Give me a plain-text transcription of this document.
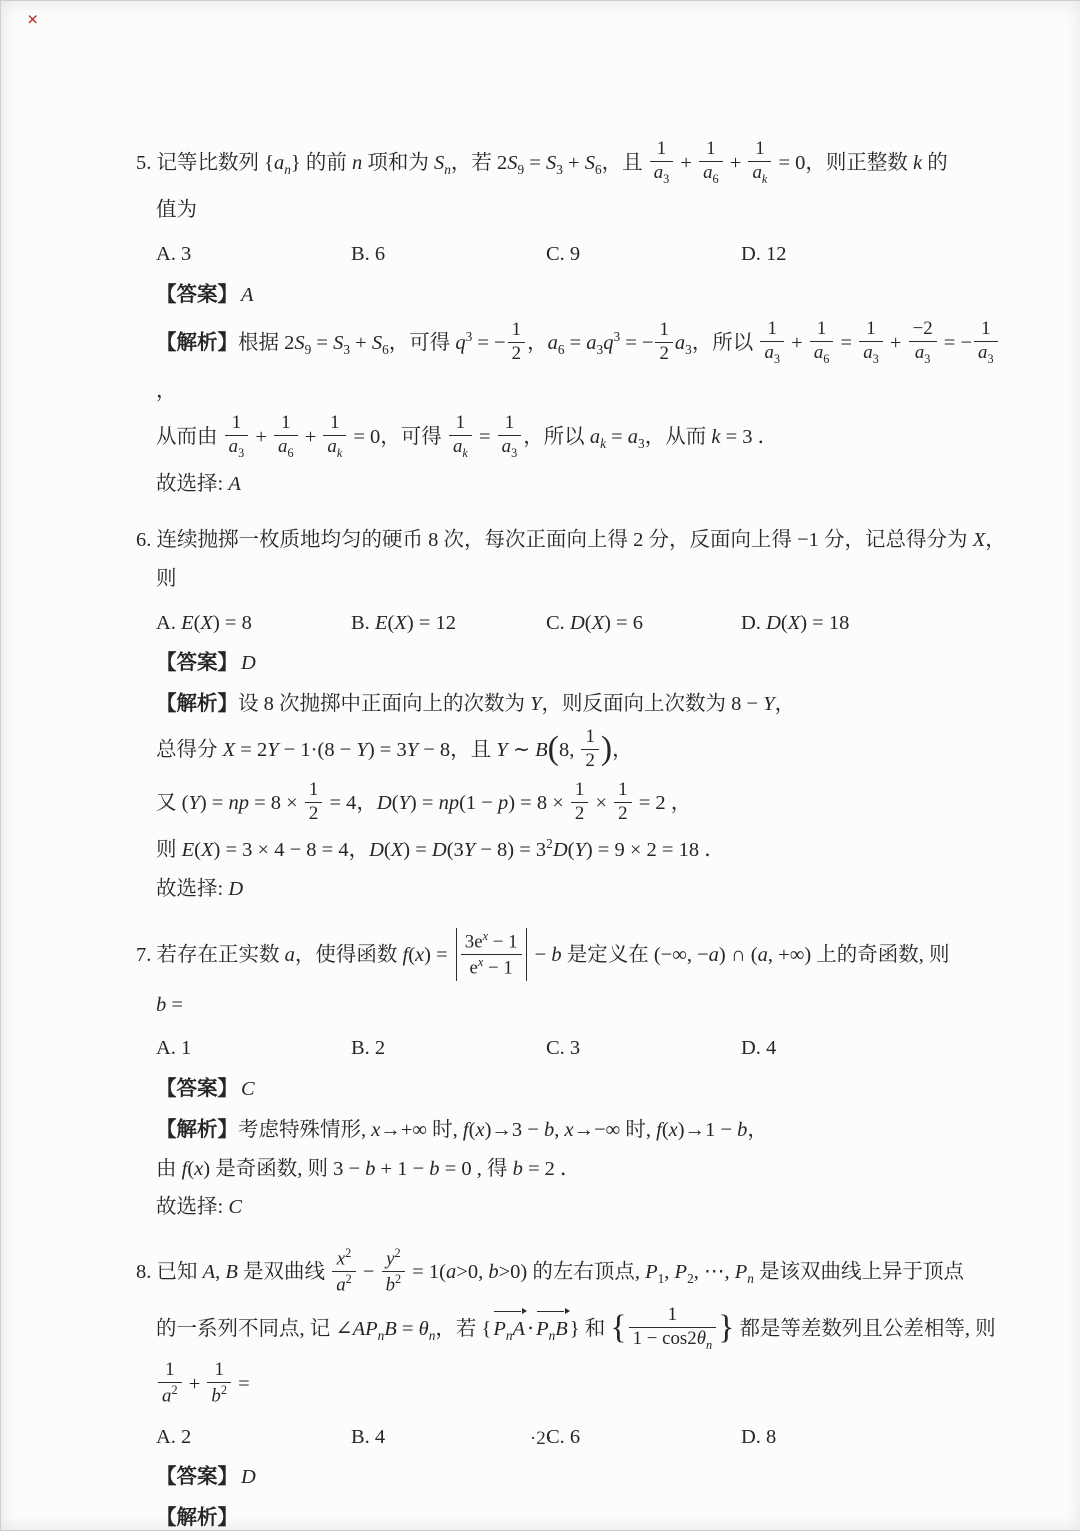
×
5. 记等比数列 $\{a_n\}$ 的前 n 项和为 $S_n$，若 $2S_9 = S_3 + S_6$，且 $\frac{1}{a_3} + \frac{1}{a_6} + \frac{1}{a_k} = 0$，则正整数 k 的
值为
A. 3	B. 6	C. 9	D. 12
【答案】 A
【解析】根据 $2S_9 = S_3 + S_6$，可得 $q^3$ = − $\frac{1}{2}$ ，$a_6 = a_3q^3$ = − $\frac{1}{2} a_3$，所以 $\frac{1}{a_3} + \frac{1}{a_6} = \frac{1}{a_3} + \frac{-2}{a_3}$ = − $\frac{1}{a_3}$
，
从而由 $\frac{1}{a_3} + \frac{1}{a_6} + \frac{1}{a_k} = 0$，可得 $\frac{1}{a_k} = \frac{1}{a_3}$ ，所以 $a_k = a_3$，从而 k = 3 ．
故选择: A
6. 连续抛掷一枚质地均匀的硬币 8 次，每次正面向上得 2 分，反面向上得 −1 分，记总得分为 X，
则
A. E(X) = 8	B. E(X) = 12	C. D(X) = 6	D. D(X) = 18
【答案】 D
【解析】设 8 次抛掷中正面向上的次数为 Y，则反面向上次数为 8 − Y，
总得分 X = 2Y − 1·(8 − Y) = 3Y − 8，且 Y ∼ B(8, $\frac{1}{2}$ )，
又 (Y) = np = $8 \times \frac{1}{2} = 4$，$D(Y) = np(1 - p) = 8 \times \frac{1}{2} \times \frac{1}{2} = 2$ ，
则 E(X) = 3 × 4 − 8 = 4，$D(X) = D(3Y - 8) = 3^2D(Y) = 9 \times 2 = 18$ ．
故选择: D
7. 若存在正实数 a，使得函数 $f(x) = \frac{3e^x - 1}{e^x - 1} - b$ 是定义在 (−∞, −a) ∩ (a, +∞) 上的奇函数, 则
b =
A. 1	B. 2	C. 3	D. 4
【答案】 C
【解析】考虑特殊情形, x→+∞ 时, f(x)→3 − b, x→−∞ 时, f(x)→1 − b，
由 f(x) 是奇函数, 则 3 − b + 1 − b = 0 , 得 b = 2 ．
故选择: C
8. 已知 A, B 是双曲线 $\frac{x^2}{a^2} - \frac{y^2}{b^2} = 1(a>0$, b>0) 的左右顶点, $P_1$, $P_2$, ⋯, $P_n$ 是该双曲线上异于顶点
的一系列不同点, 记 $\angle AP_nB = \theta_n$，若 $\{P_nA\cdot P_nB\}$ 和 { $\frac{1}{1 - \cos 2\theta_n}$ } 都是等差数列且公差相等, 则
$\frac{1}{a^2} + \frac{1}{b^2}$ =
A. 2	B. 4	C. 6	D. 8
【答案】 D
【解析】
·2·
